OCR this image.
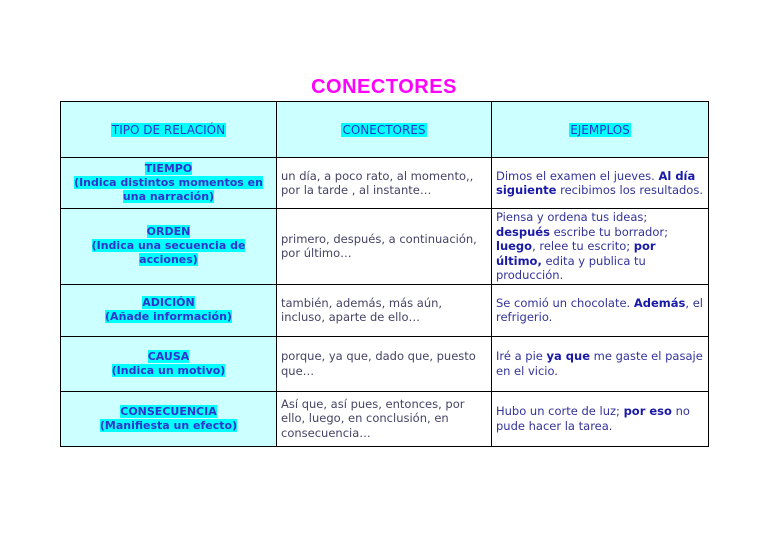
CONECTORES
TIPO DE RELACIÓN	CONECTORES	EJEMPLOS
TIEMPO
(Indica distintos momentos en una narración)	un día, a poco rato, al momento,, por la tarde , al instante…	Dimos el examen el jueves. Al día siguiente recibimos los resultados.
ORDEN
(Indica una secuencia de acciones)	primero, después, a continuación, por último…	Piensa y ordena tus ideas; después escribe tu borrador; luego, relee tu escrito; por último, edita y publica tu producción.
ADICIÓN
(Añade información)	también, además, más aún, incluso, aparte de ello…	Se comió un chocolate. Además, el refrigerio.
CAUSA
(Indica un motivo)	porque, ya que, dado que, puesto que…	Iré a pie ya que me gaste el pasaje en el vicio.
CONSECUENCIA
(Manifiesta un efecto)	Así que, así pues, entonces, por ello, luego, en conclusión, en consecuencia…	Hubo un corte de luz; por eso no pude hacer la tarea.
